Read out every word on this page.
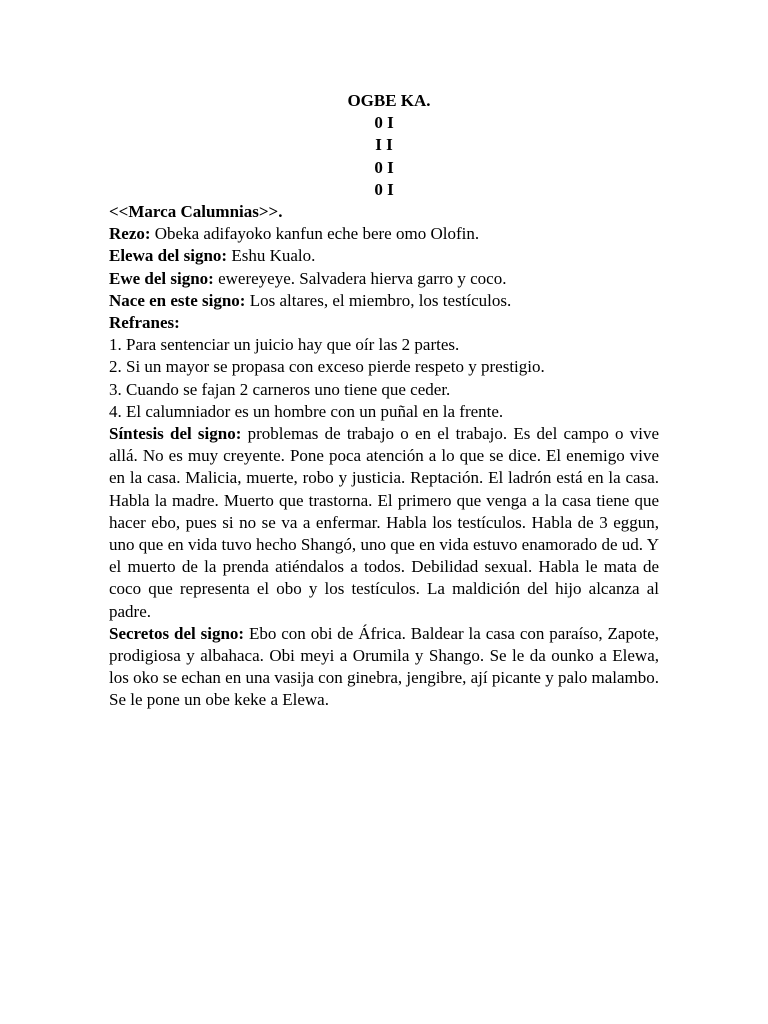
OGBE KA.
0 I
I I
0 I
0 I

<<Marca Calumnias>>.

Rezo: Obeka adifayoko kanfun eche bere omo Olofin.

Elewa del signo: Eshu Kualo.

Ewe del signo: ewereyeye. Salvadera hierva garro y coco.

Nace en este signo: Los altares, el miembro, los testículos.

Refranes:

1. Para sentenciar un juicio hay que oír las 2 partes.

2. Si un mayor se propasa con exceso pierde respeto y prestigio.

3. Cuando se fajan 2 carneros uno tiene que ceder.

4. El calumniador es un hombre con un puñal en la frente.

Síntesis del signo: problemas de trabajo o en el trabajo. Es del campo o vive allá. No es muy creyente. Pone poca atención a lo que se dice. El enemigo vive en la casa. Malicia, muerte, robo y justicia. Reptación. El ladrón está en la casa. Habla la madre. Muerto que trastorna. El primero que venga a la casa tiene que hacer ebo, pues si no se va a enfermar. Habla los testículos. Habla de 3 eggun, uno que en vida tuvo hecho Shangó, uno que en vida estuvo enamorado de ud. Y el muerto de la prenda atiéndalos a todos. Debilidad sexual. Habla le mata de coco que representa el obo y los testículos. La maldición del hijo alcanza al padre.

Secretos del signo: Ebo con obi de África. Baldear la casa con paraíso, Zapote, prodigiosa y albahaca. Obi meyi a Orumila y Shango. Se le da ounko a Elewa, los oko se echan en una vasija con ginebra, jengibre, ají picante y palo malambo. Se le pone un obe keke a Elewa.
